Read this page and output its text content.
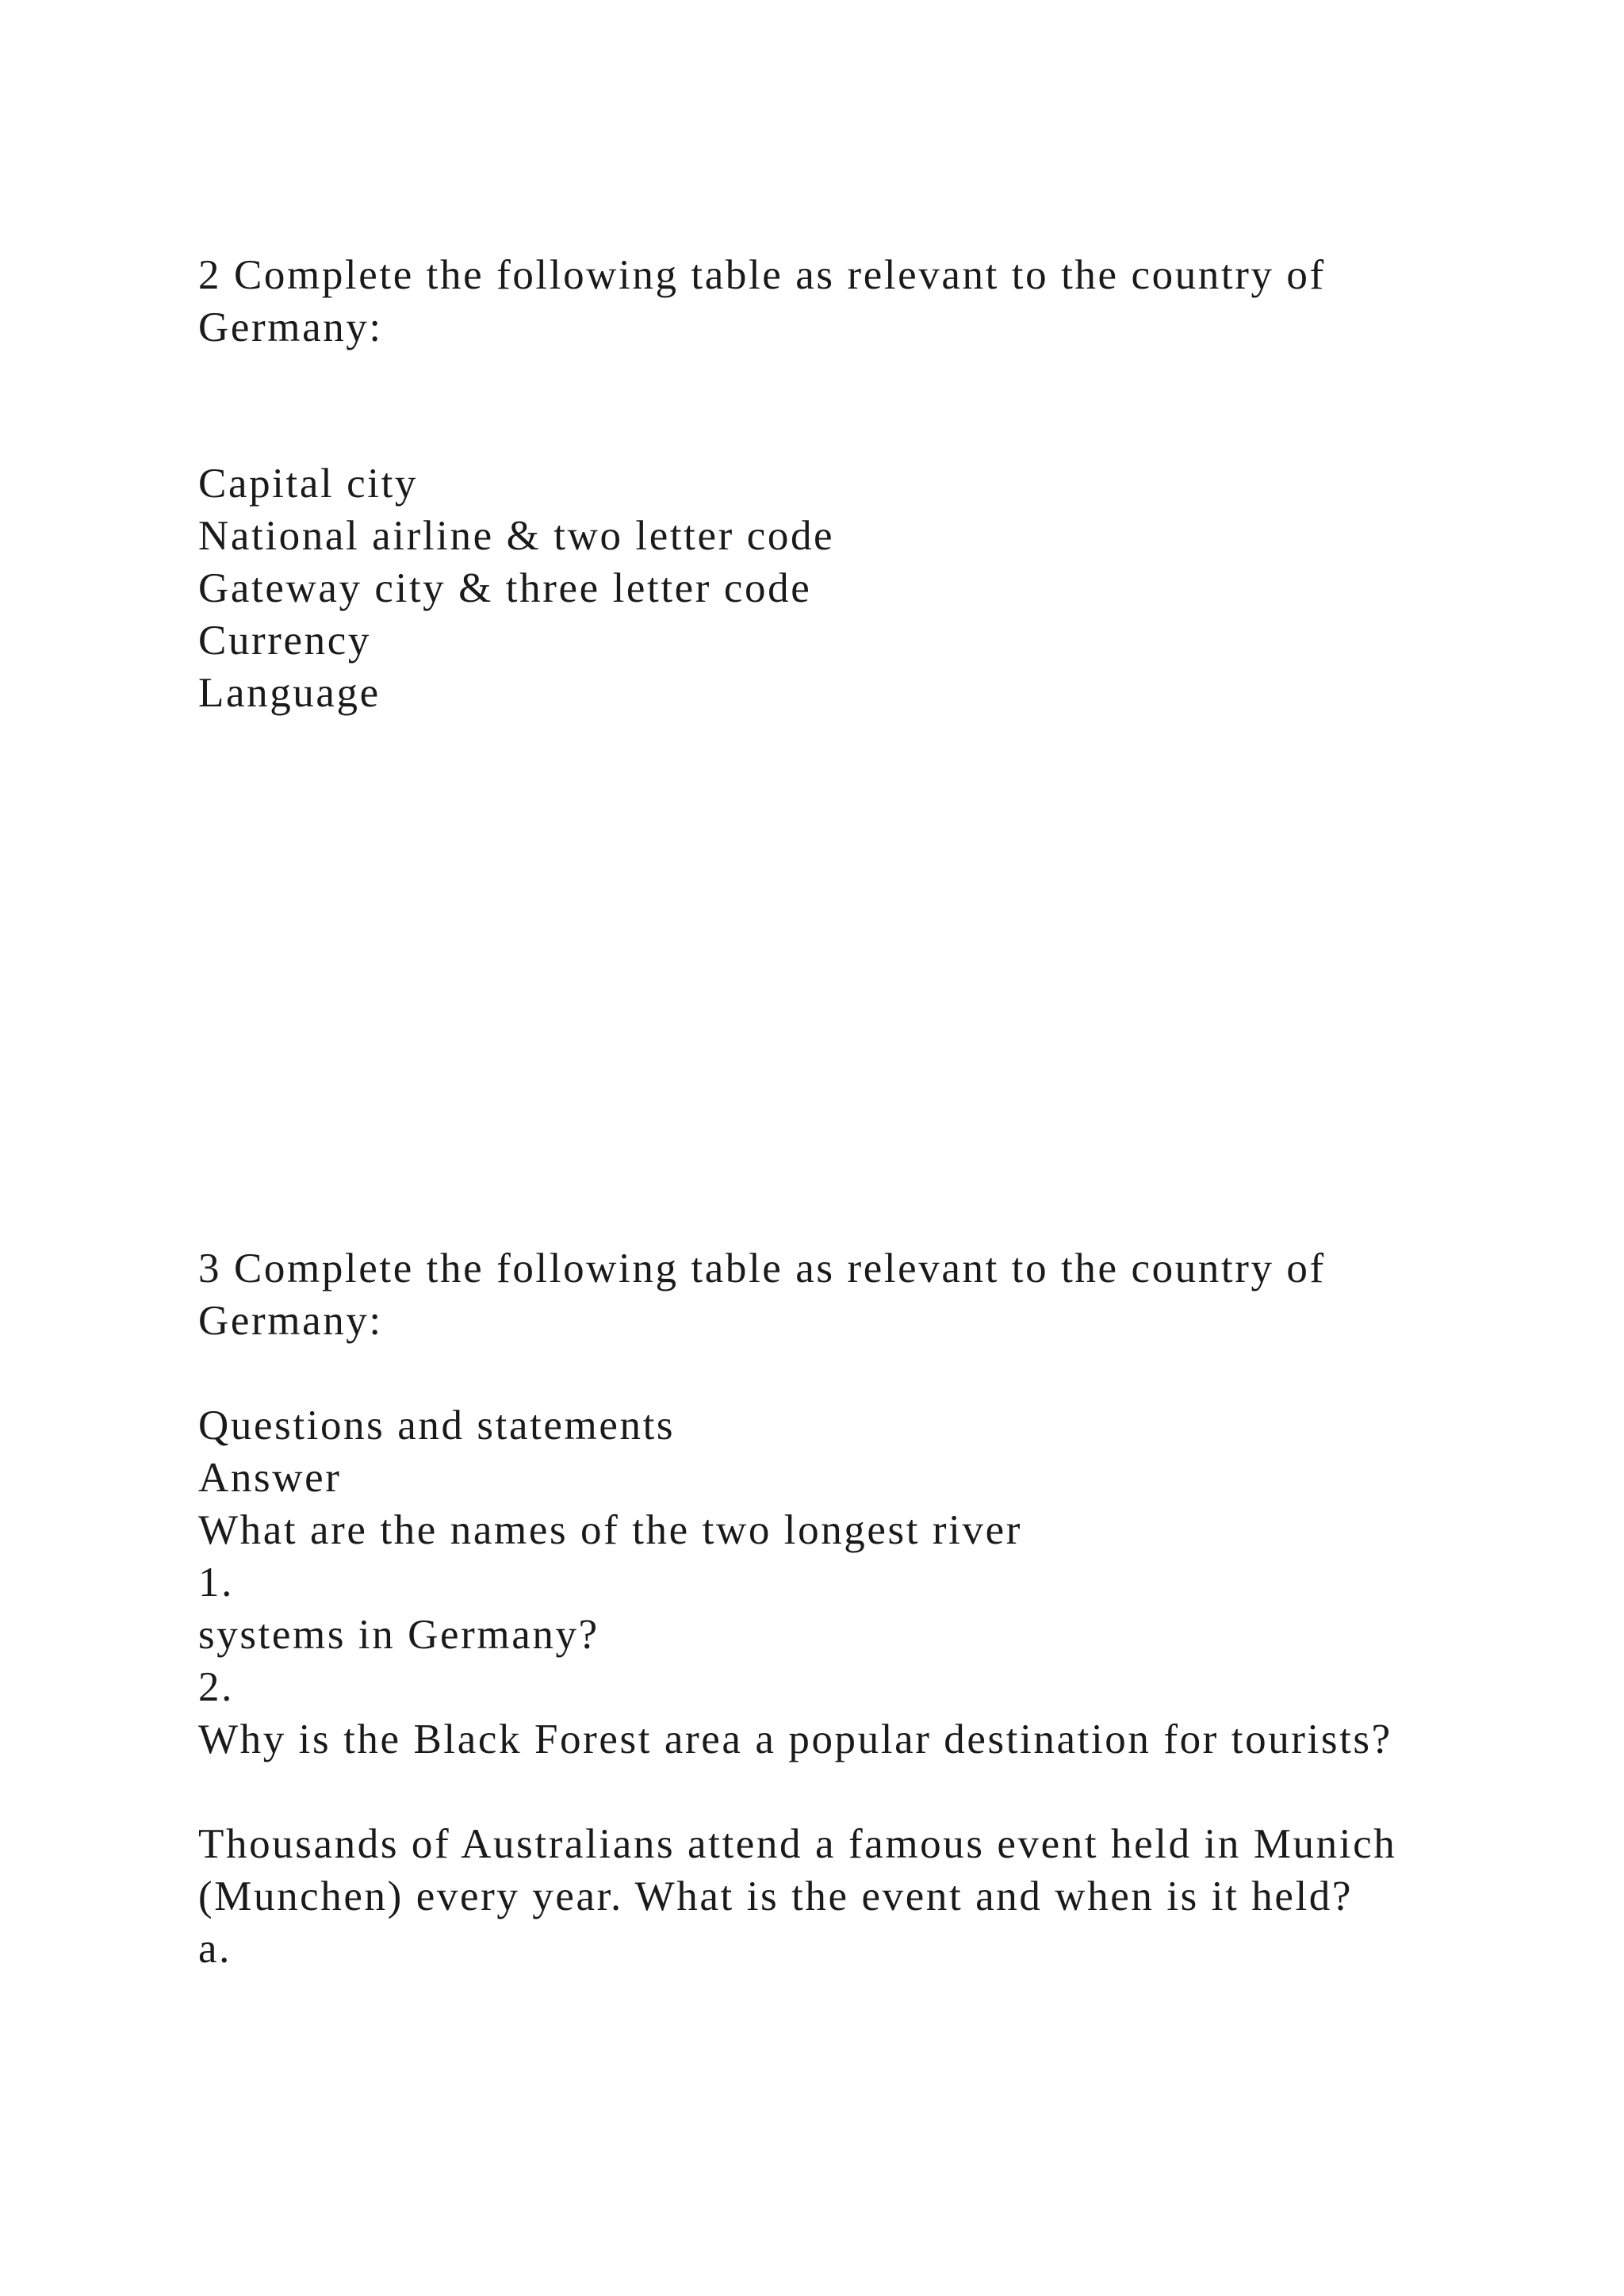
2 Complete the following table as relevant to the country of

Germany:

Capital city

National airline & two letter code

Gateway city & three letter code

Currency

Language

3 Complete the following table as relevant to the country of

Germany:

Questions and statements

Answer

What are the names of the two longest river

1.

systems in Germany?

2.

Why is the Black Forest area a popular destination for tourists?

Thousands of Australians attend a famous event held in Munich

(Munchen) every year. What is the event and when is it held?

a.
